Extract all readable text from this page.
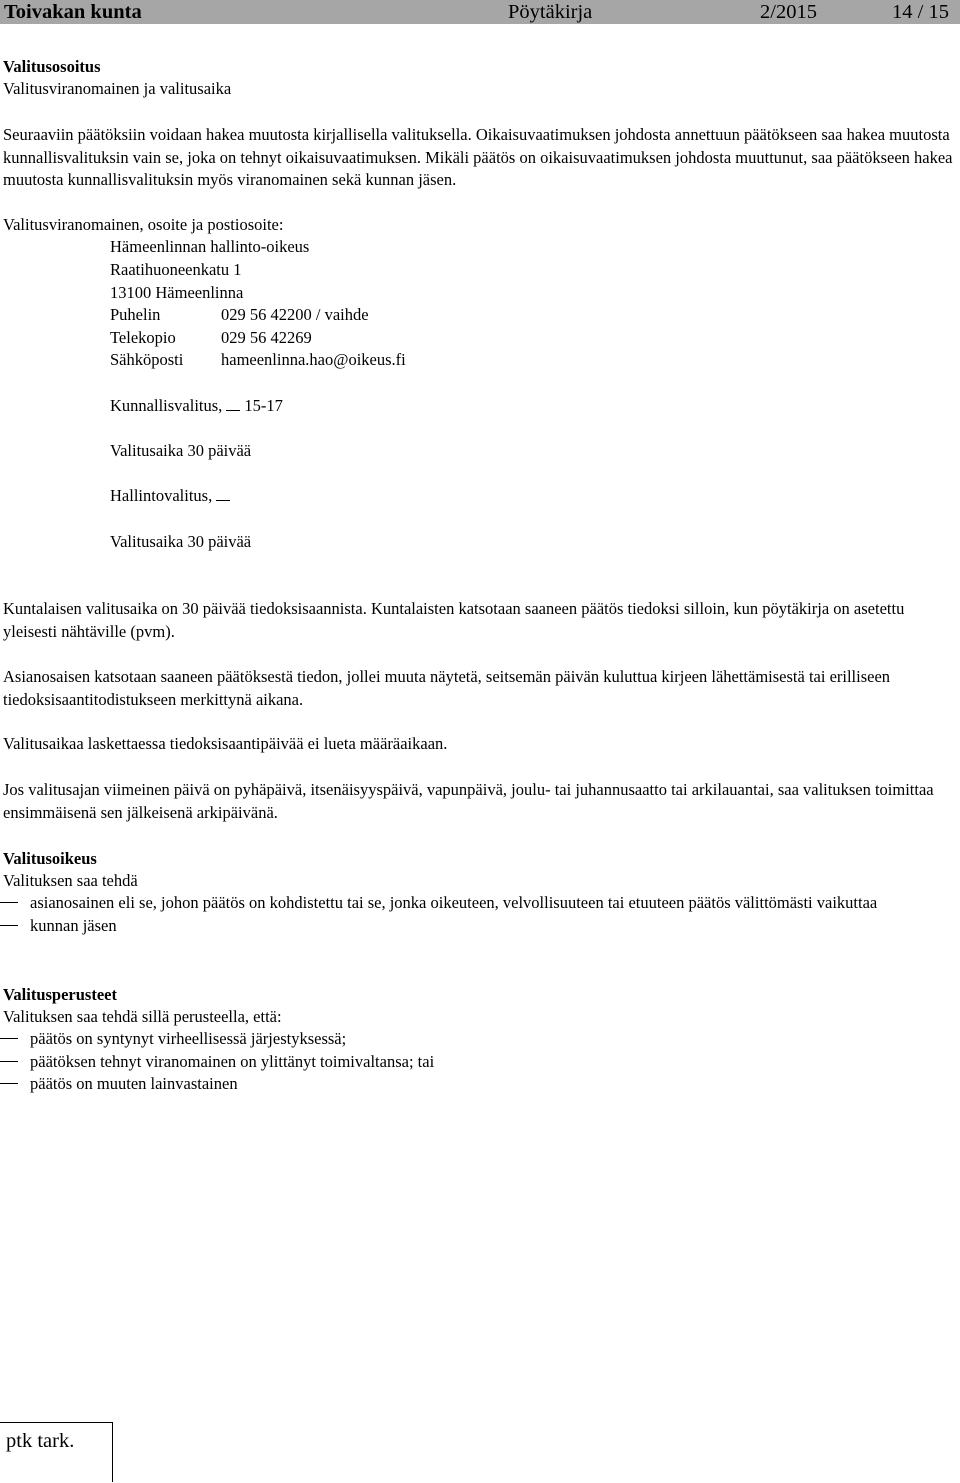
Toivakan kunta	Pöytäkirja	2/2015	14 / 15
Valitusosoitus
Valitusviranomainen ja valitusaika
Seuraaviin päätöksiin voidaan hakea muutosta kirjallisella valituksella. Oikaisuvaatimuksen johdosta annettuun päätökseen saa hakea muutosta kunnallisvalituksin vain se, joka on tehnyt oikaisuvaatimuksen. Mikäli päätös on oikaisuvaatimuksen johdosta muuttunut, saa päätökseen hakea muutosta kunnallisvalituksin myös viranomainen sekä kunnan jäsen.
Valitusviranomainen, osoite ja postiosoite:
Hämeenlinnan hallinto-oikeus
Raatihuoneenkatu 1
13100 Hämeenlinna
Puhelin	029 56 42200 / vaihde
Telekopio	029 56 42269
Sähköposti hameenlinna.hao@oikeus.fi
Kunnallisvalitus, 15-17
Valitusaika 30 päivää
Hallintovalitus,
Valitusaika 30 päivää
Kuntalaisen valitusaika on 30 päivää tiedoksisaannista. Kuntalaisten katsotaan saaneen päätös tiedoksi silloin, kun pöytäkirja on asetettu yleisesti nähtäville (pvm).
Asianosaisen katsotaan saaneen päätöksestä tiedon, jollei muuta näytetä, seitsemän päivän kuluttua kirjeen lähettämisestä tai erilliseen tiedoksisaantitodistukseen merkittynä aikana.
Valitusaikaa laskettaessa tiedoksisaantipäivää ei lueta määräaikaan.
Jos valitusajan viimeinen päivä on pyhäpäivä, itsenäisyyspäivä, vapunpäivä, joulu- tai juhannusaatto tai arkilauantai, saa valituksen toimittaa ensimmäisenä sen jälkeisenä arkipäivänä.
Valitusoikeus
Valituksen saa tehdä
asianosainen eli se, johon päätös on kohdistettu tai se, jonka oikeuteen, velvollisuuteen tai etuuteen päätös välittömästi vaikuttaa
kunnan jäsen
Valitusperusteet
Valituksen saa tehdä sillä perusteella, että:
päätös on syntynyt virheellisessä järjestyksessä;
päätöksen tehnyt viranomainen on ylittänyt toimivaltansa; tai
päätös on muuten lainvastainen
ptk tark.
